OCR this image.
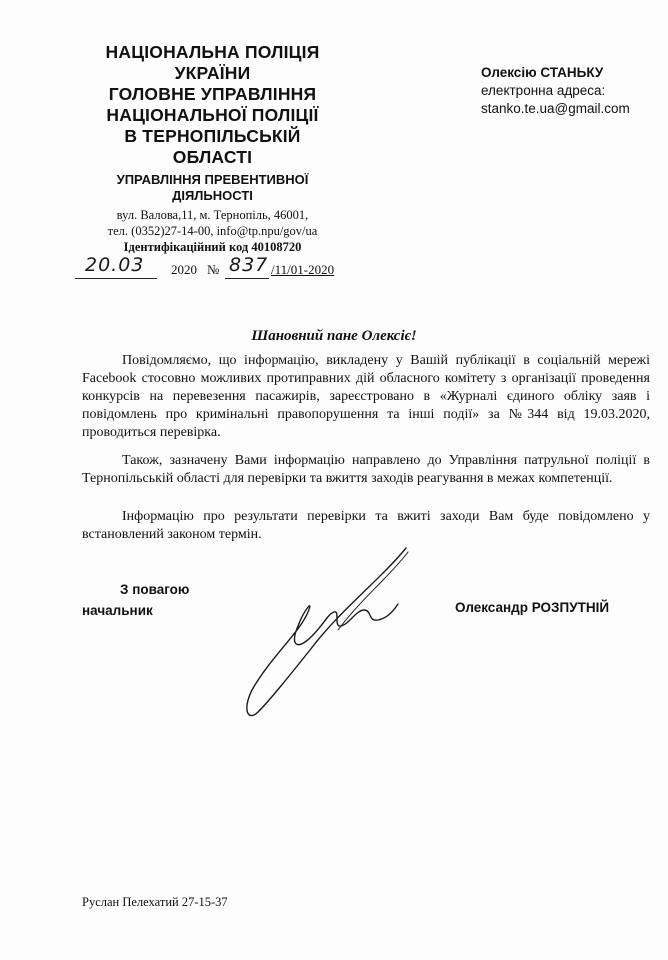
НАЦІОНАЛЬНА ПОЛІЦІЯ
УКРАЇНИ
ГОЛОВНЕ УПРАВЛІННЯ
НАЦІОНАЛЬНОЇ ПОЛІЦІЇ
В ТЕРНОПІЛЬСЬКІЙ
ОБЛАСТІ
УПРАВЛІННЯ ПРЕВЕНТИВНОЇ
ДІЯЛЬНОСТІ
вул. Валова,11, м. Тернопіль, 46001,
тел. (0352)27-14-00, info@tp.npu/gov/ua
Ідентифікаційний код 40108720
20.03 2020 № 837 /11/01-2020
Олексію СТАНЬКУ
електронна адреса:
stanko.te.ua@gmail.com
Шановний пане Олексіє!
Повідомляємо, що інформацію, викладену у Вашій публікації в соціальній мережі Facebook стосовно можливих протиправних дій обласного комітету з організації проведення конкурсів на перевезення пасажирів, зареєстровано в «Журналі єдиного обліку заяв і повідомлень про кримінальні правопорушення та інші події» за №344 від 19.03.2020, проводиться перевірка.
Також, зазначену Вами інформацію направлено до Управління патрульної поліції в Тернопільській області для перевірки та вжиття заходів реагування в межах компетенції.
Інформацію про результати перевірки та вжиті заходи Вам буде повідомлено у встановлений законом термін.
З повагою
начальник	Олександр РОЗПУТНІЙ
Руслан Пелехатий 27-15-37
